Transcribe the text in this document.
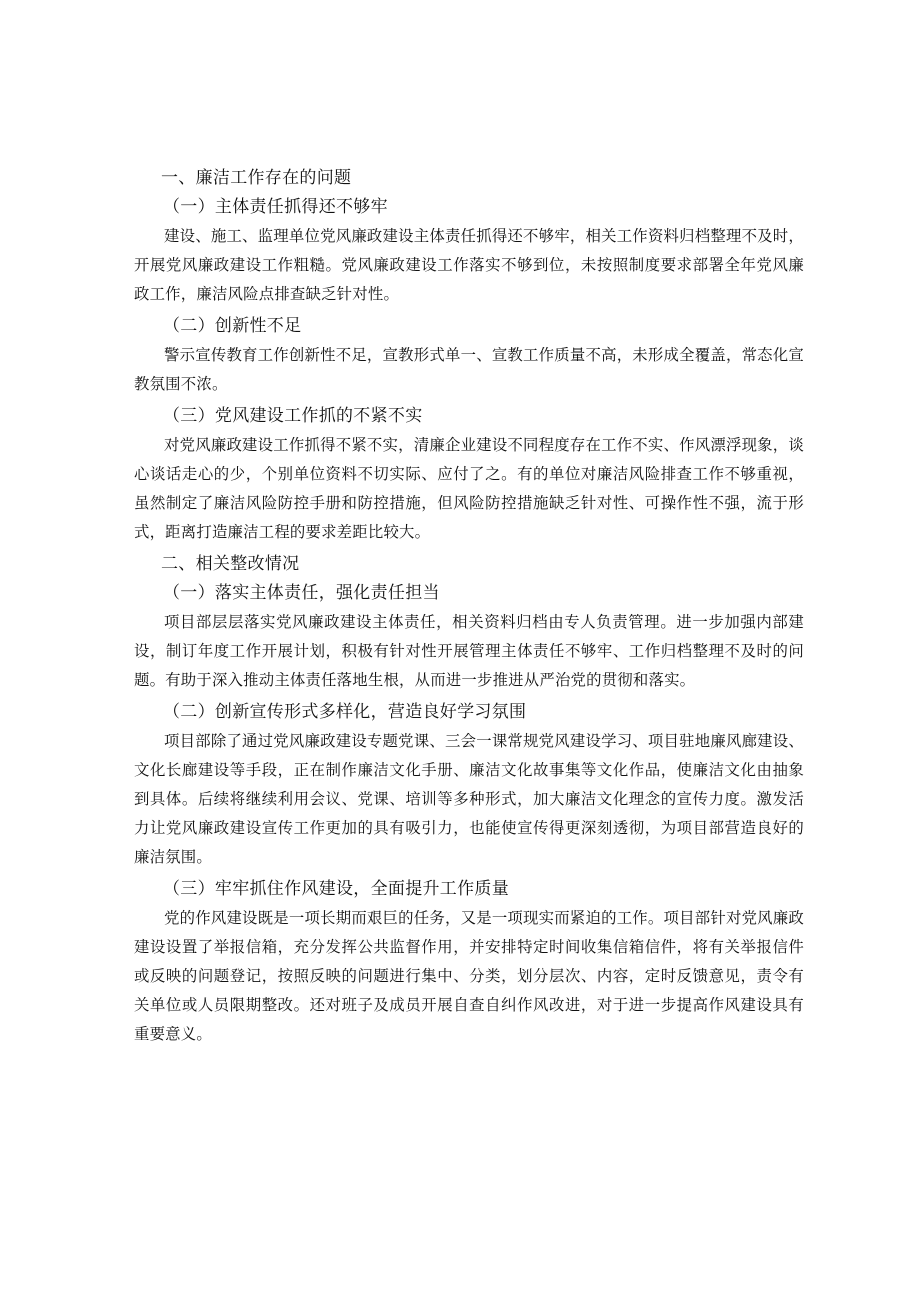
一、廉洁工作存在的问题

（一）主体责任抓得还不够牢

建设、施工、监理单位党风廉政建设主体责任抓得还不够牢，相关工作资料归档整理不及时，开展党风廉政建设工作粗糙。党风廉政建设工作落实不够到位，未按照制度要求部署全年党风廉政工作，廉洁风险点排查缺乏针对性。

（二）创新性不足

警示宣传教育工作创新性不足，宣教形式单一、宣教工作质量不高，未形成全覆盖，常态化宣教氛围不浓。

（三）党风建设工作抓的不紧不实

对党风廉政建设工作抓得不紧不实，清廉企业建设不同程度存在工作不实、作风漂浮现象，谈心谈话走心的少，个别单位资料不切实际、应付了之。有的单位对廉洁风险排查工作不够重视，虽然制定了廉洁风险防控手册和防控措施，但风险防控措施缺乏针对性、可操作性不强，流于形式，距离打造廉洁工程的要求差距比较大。

二、相关整改情况

（一）落实主体责任，强化责任担当

项目部层层落实党风廉政建设主体责任，相关资料归档由专人负责管理。进一步加强内部建设，制订年度工作开展计划，积极有针对性开展管理主体责任不够牢、工作归档整理不及时的问题。有助于深入推动主体责任落地生根，从而进一步推进从严治党的贯彻和落实。

（二）创新宣传形式多样化，营造良好学习氛围

项目部除了通过党风廉政建设专题党课、三会一课常规党风建设学习、项目驻地廉风廊建设、文化长廊建设等手段，正在制作廉洁文化手册、廉洁文化故事集等文化作品，使廉洁文化由抽象到具体。后续将继续利用会议、党课、培训等多种形式，加大廉洁文化理念的宣传力度。激发活力让党风廉政建设宣传工作更加的具有吸引力，也能使宣传得更深刻透彻，为项目部营造良好的廉洁氛围。

（三）牢牢抓住作风建设，全面提升工作质量

党的作风建设既是一项长期而艰巨的任务，又是一项现实而紧迫的工作。项目部针对党风廉政建设设置了举报信箱，充分发挥公共监督作用，并安排特定时间收集信箱信件，将有关举报信件或反映的问题登记，按照反映的问题进行集中、分类，划分层次、内容，定时反馈意见，责令有关单位或人员限期整改。还对班子及成员开展自查自纠作风改进，对于进一步提高作风建设具有重要意义。
